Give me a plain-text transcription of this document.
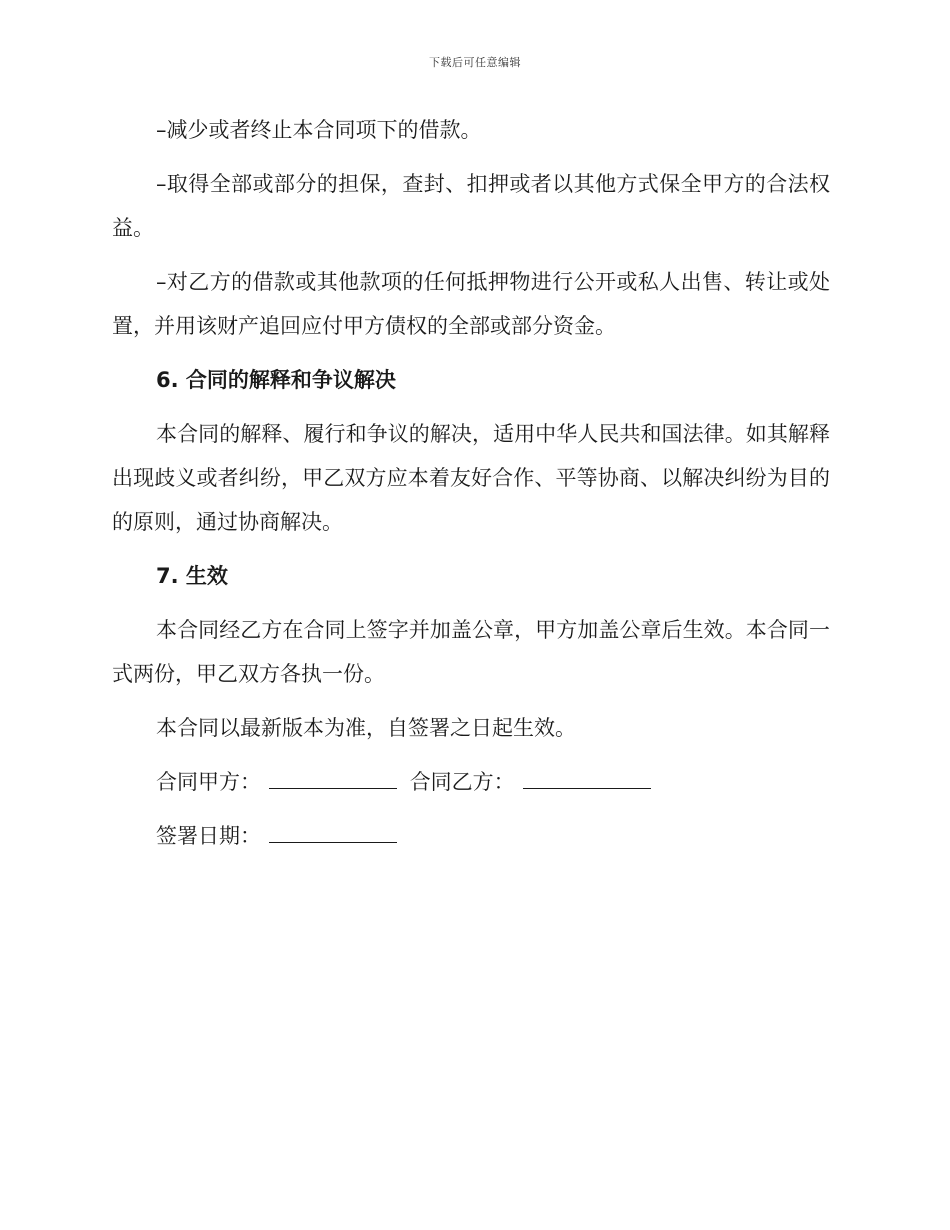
下载后可任意编辑

–减少或者终止本合同项下的借款。

–取得全部或部分的担保，查封、扣押或者以其他方式保全甲方的合法权益。

–对乙方的借款或其他款项的任何抵押物进行公开或私人出售、转让或处置，并用该财产追回应付甲方债权的全部或部分资金。

6. 合同的解释和争议解决

本合同的解释、履行和争议的解决，适用中华人民共和国法律。如其解释出现歧义或者纠纷，甲乙双方应本着友好合作、平等协商、以解决纠纷为目的的原则，通过协商解决。

7. 生效

本合同经乙方在合同上签字并加盖公章，甲方加盖公章后生效。本合同一式两份，甲乙双方各执一份。

本合同以最新版本为准，自签署之日起生效。

合同甲方：	合同乙方：
签署日期：
